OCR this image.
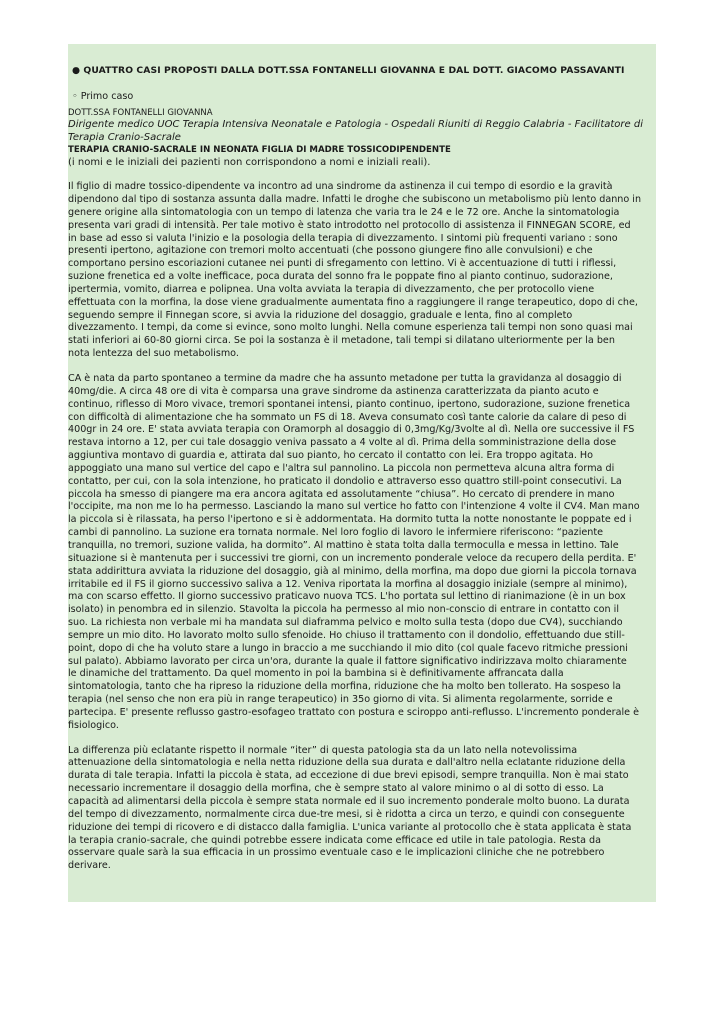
● QUATTRO CASI PROPOSTI DALLA DOTT.SSA FONTANELLI GIOVANNA E DAL DOTT. GIACOMO PASSAVANTI

◦ Primo caso

DOTT.SSA FONTANELLI GIOVANNA

Dirigente medico UOC Terapia Intensiva Neonatale e Patologia - Ospedali Riuniti di Reggio Calabria - Facilitatore di

Terapia Cranio-Sacrale

TERAPIA CRANIO-SACRALE IN NEONATA FIGLIA DI MADRE TOSSICODIPENDENTE

(i nomi e le iniziali dei pazienti non corrispondono a nomi e iniziali reali).

Il figlio di madre tossico-dipendente va incontro ad una sindrome da astinenza il cui tempo di esordio e la gravità
dipendono dal tipo di sostanza assunta dalla madre. Infatti le droghe che subiscono un metabolismo più lento danno in
genere origine alla sintomatologia con un tempo di latenza che varia tra le 24 e le 72 ore. Anche la sintomatologia
presenta vari gradi di intensità. Per tale motivo è stato introdotto nel protocollo di assistenza il FINNEGAN SCORE, ed
in base ad esso si valuta l'inizio e la posologia della terapia di divezzamento. I sintomi più frequenti variano : sono
presenti ipertono, agitazione con tremori molto accentuati (che possono giungere fino alle convulsioni) e che
comportano persino escoriazioni cutanee nei punti di sfregamento con lettino. Vi è accentuazione di tutti i riflessi,
suzione frenetica ed a volte inefficace, poca durata del sonno fra le poppate fino al pianto continuo, sudorazione,
ipertermia, vomito, diarrea e polipnea. Una volta avviata la terapia di divezzamento, che per protocollo viene
effettuata con la morfina, la dose viene gradualmente aumentata fino a raggiungere il range terapeutico, dopo di che,
seguendo sempre il Finnegan score, si avvia la riduzione del dosaggio, graduale e lenta, fino al completo
divezzamento. I tempi, da come si evince, sono molto lunghi. Nella comune esperienza tali tempi non sono quasi mai
stati inferiori ai 60-80 giorni circa. Se poi la sostanza è il metadone, tali tempi si dilatano ulteriormente per la ben
nota lentezza del suo metabolismo.
CA è nata da parto spontaneo a termine da madre che ha assunto metadone per tutta la gravidanza al dosaggio di
40mg/die. A circa 48 ore di vita è comparsa una grave sindrome da astinenza caratterizzata da pianto acuto e
continuo, riflesso di Moro vivace, tremori spontanei intensi, pianto continuo, ipertono, sudorazione, suzione frenetica
con difficoltà di alimentazione che ha sommato un FS di 18. Aveva consumato così tante calorie da calare di peso di
400gr in 24 ore. E' stata avviata terapia con Oramorph al dosaggio di 0,3mg/Kg/3volte al dì. Nella ore successive il FS
restava intorno a 12, per cui tale dosaggio veniva passato a 4 volte al dì. Prima della somministrazione della dose
aggiuntiva montavo di guardia e, attirata dal suo pianto, ho cercato il contatto con lei. Era troppo agitata. Ho
appoggiato una mano sul vertice del capo e l'altra sul pannolino. La piccola non permetteva alcuna altra forma di
contatto, per cui, con la sola intenzione, ho praticato il dondolio e attraverso esso quattro still-point consecutivi. La
piccola ha smesso di piangere ma era ancora agitata ed assolutamente “chiusa”. Ho cercato di prendere in mano
l'occipite, ma non me lo ha permesso. Lasciando la mano sul vertice ho fatto con l'intenzione 4 volte il CV4. Man mano
la piccola si è rilassata, ha perso l'ipertono e si è addormentata. Ha dormito tutta la notte nonostante le poppate ed i
cambi di pannolino. La suzione era tornata normale. Nel loro foglio di lavoro le infermiere riferiscono: “paziente
tranquilla, no tremori, suzione valida, ha dormito”. Al mattino è stata tolta dalla termoculla e messa in lettino. Tale
situazione si è mantenuta per i successivi tre giorni, con un incremento ponderale veloce da recupero della perdita. E'
stata addirittura avviata la riduzione del dosaggio, già al minimo, della morfina, ma dopo due giorni la piccola tornava
irritabile ed il FS il giorno successivo saliva a 12. Veniva riportata la morfina al dosaggio iniziale (sempre al minimo),
ma con scarso effetto. Il giorno successivo praticavo nuova TCS. L'ho portata sul lettino di rianimazione (è in un box
isolato) in penombra ed in silenzio. Stavolta la piccola ha permesso al mio non-conscio di entrare in contatto con il
suo. La richiesta non verbale mi ha mandata sul diaframma pelvico e molto sulla testa (dopo due CV4), succhiando
sempre un mio dito. Ho lavorato molto sullo sfenoide. Ho chiuso il trattamento con il dondolio, effettuando due still-
point, dopo di che ha voluto stare a lungo in braccio a me succhiando il mio dito (col quale facevo ritmiche pressioni
sul palato). Abbiamo lavorato per circa un'ora, durante la quale il fattore significativo indirizzava molto chiaramente
le dinamiche del trattamento. Da quel momento in poi la bambina si è definitivamente affrancata dalla
sintomatologia, tanto che ha ripreso la riduzione della morfina, riduzione che ha molto ben tollerato. Ha sospeso la
terapia (nel senso che non era più in range terapeutico) in 35o giorno di vita. Si alimenta regolarmente, sorride e
partecipa. E' presente reflusso gastro-esofageo trattato con postura e sciroppo anti-reflusso. L'incremento ponderale è
fisiologico.
La differenza più eclatante rispetto il normale “iter” di questa patologia sta da un lato nella notevolissima
attenuazione della sintomatologia e nella netta riduzione della sua durata e dall'altro nella eclatante riduzione della
durata di tale terapia. Infatti la piccola è stata, ad eccezione di due brevi episodi, sempre tranquilla. Non è mai stato
necessario incrementare il dosaggio della morfina, che è sempre stato al valore minimo o al di sotto di esso. La
capacità ad alimentarsi della piccola è sempre stata normale ed il suo incremento ponderale molto buono. La durata
del tempo di divezzamento, normalmente circa due-tre mesi, si è ridotta a circa un terzo, e quindi con conseguente
riduzione dei tempi di ricovero e di distacco dalla famiglia. L'unica variante al protocollo che è stata applicata è stata
la terapia cranio-sacrale, che quindi potrebbe essere indicata come efficace ed utile in tale patologia. Resta da
osservare quale sarà la sua efficacia in un prossimo eventuale caso e le implicazioni cliniche che ne potrebbero
derivare.
